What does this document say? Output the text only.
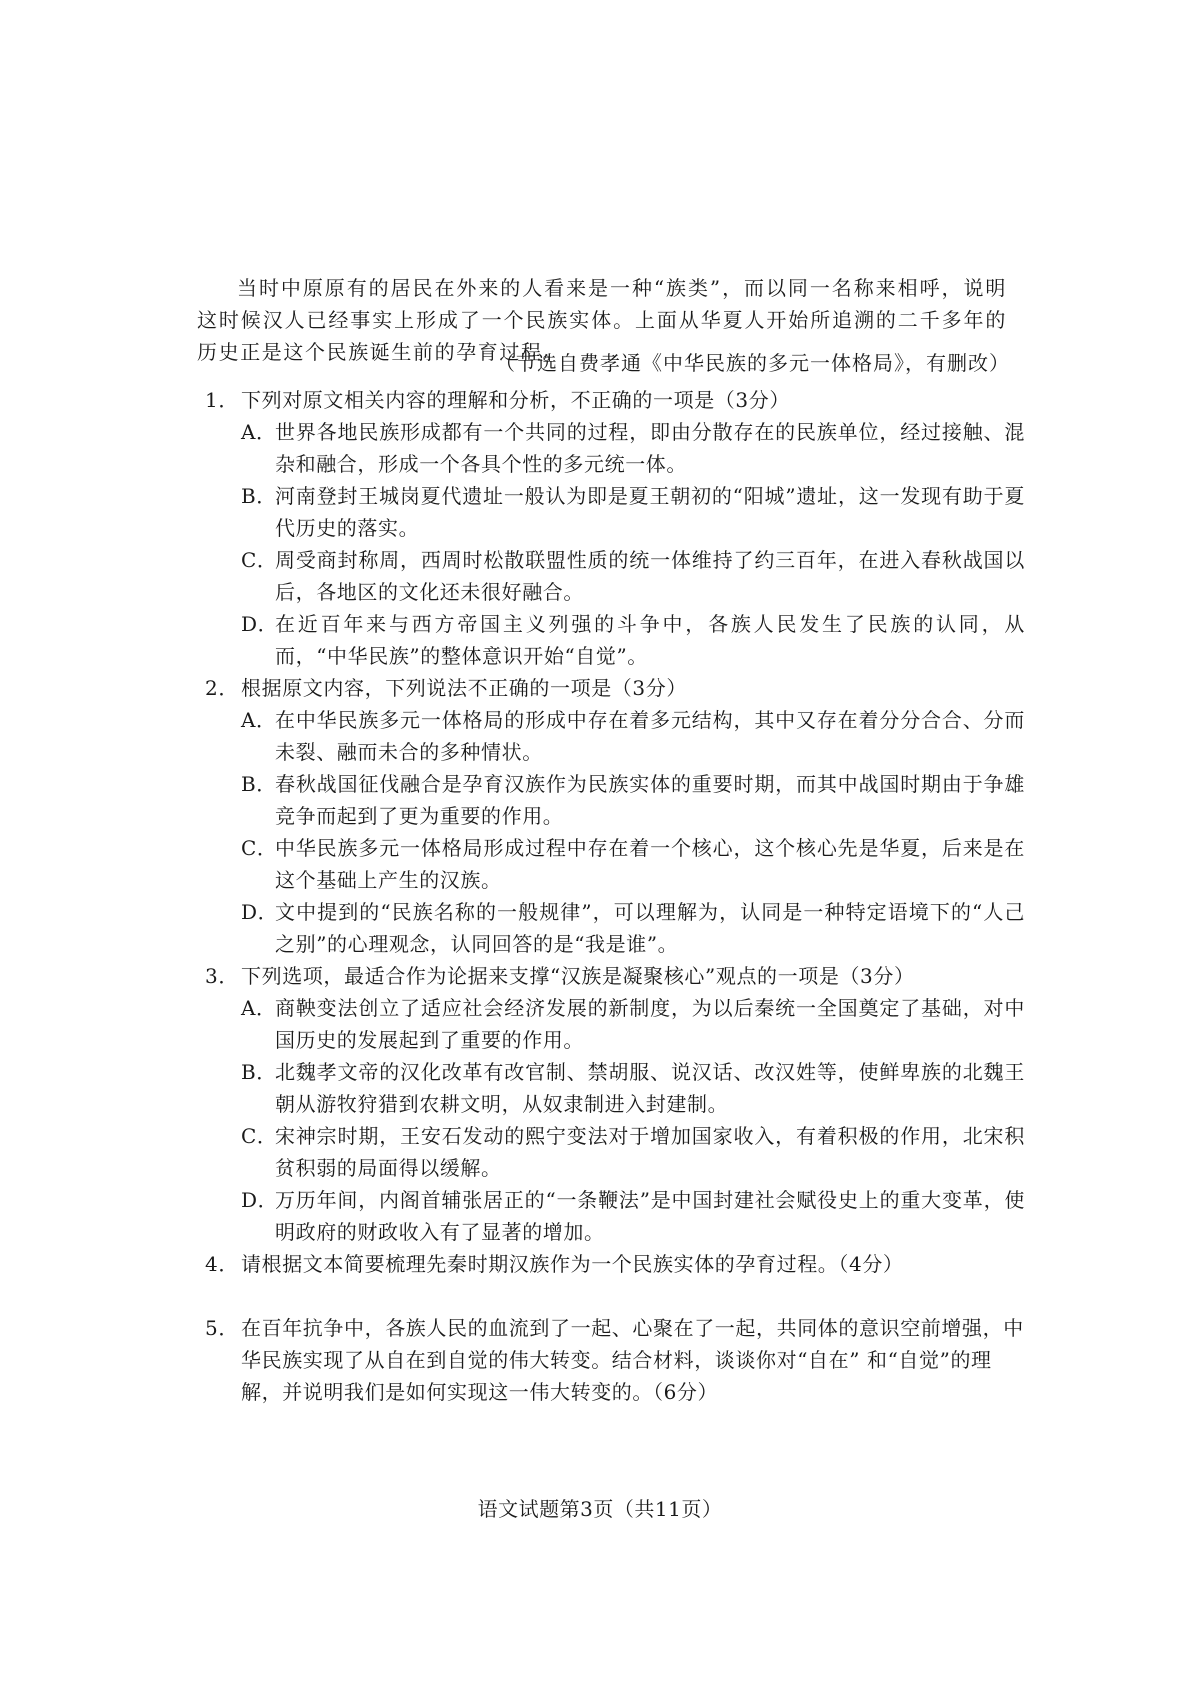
当时中原原有的居民在外来的人看来是一种“族类”，而以同一名称来相呼，说明这时候汉人已经事实上形成了一个民族实体。上面从华夏人开始所追溯的二千多年的历史正是这个民族诞生前的孕育过程。

（节选自费孝通《中华民族的多元一体格局》，有删改）
1． 下列对原文相关内容的理解和分析，不正确的一项是（3分）
A．
世界各地民族形成都有一个共同的过程，即由分散存在的民族单位，经过接触、混杂和融合，形成一个各具个性的多元统一体。
B．
河南登封王城岗夏代遗址一般认为即是夏王朝初的“阳城”遗址，这一发现有助于夏代历史的落实。
C．
周受商封称周，西周时松散联盟性质的统一体维持了约三百年，在进入春秋战国以后，各地区的文化还未很好融合。
D．
在近百年来与西方帝国主义列强的斗争中，各族人民发生了民族的认同，从而，“中华民族”的整体意识开始“自觉”。
2． 根据原文内容，下列说法不正确的一项是（3分）
A．
在中华民族多元一体格局的形成中存在着多元结构，其中又存在着分分合合、分而未裂、融而未合的多种情状。
B．
春秋战国征伐融合是孕育汉族作为民族实体的重要时期，而其中战国时期由于争雄竞争而起到了更为重要的作用。
C．
中华民族多元一体格局形成过程中存在着一个核心，这个核心先是华夏，后来是在这个基础上产生的汉族。
D．
文中提到的“民族名称的一般规律”，可以理解为，认同是一种特定语境下的“人己之别”的心理观念，认同回答的是“我是谁”。
3． 下列选项，最适合作为论据来支撑“汉族是凝聚核心”观点的一项是（3分）
A．
商鞅变法创立了适应社会经济发展的新制度，为以后秦统一全国奠定了基础，对中国历史的发展起到了重要的作用。
B．
北魏孝文帝的汉化改革有改官制、禁胡服、说汉话、改汉姓等，使鲜卑族的北魏王朝从游牧狩猎到农耕文明，从奴隶制进入封建制。
C．
宋神宗时期，王安石发动的熙宁变法对于增加国家收入，有着积极的作用，北宋积贫积弱的局面得以缓解。
D．
万历年间，内阁首辅张居正的“一条鞭法”是中国封建社会赋役史上的重大变革，使明政府的财政收入有了显著的增加。
4． 请根据文本简要梳理先秦时期汉族作为一个民族实体的孕育过程。（4分）
5． 在百年抗争中，各族人民的血流到了一起、心聚在了一起，共同体的意识空前增强，中华民族实现了从自在到自觉的伟大转变。结合材料，谈谈你对“自在” 和“自觉”的理解，并说明我们是如何实现这一伟大转变的。（6分）
语文试题第3页（共11页）
